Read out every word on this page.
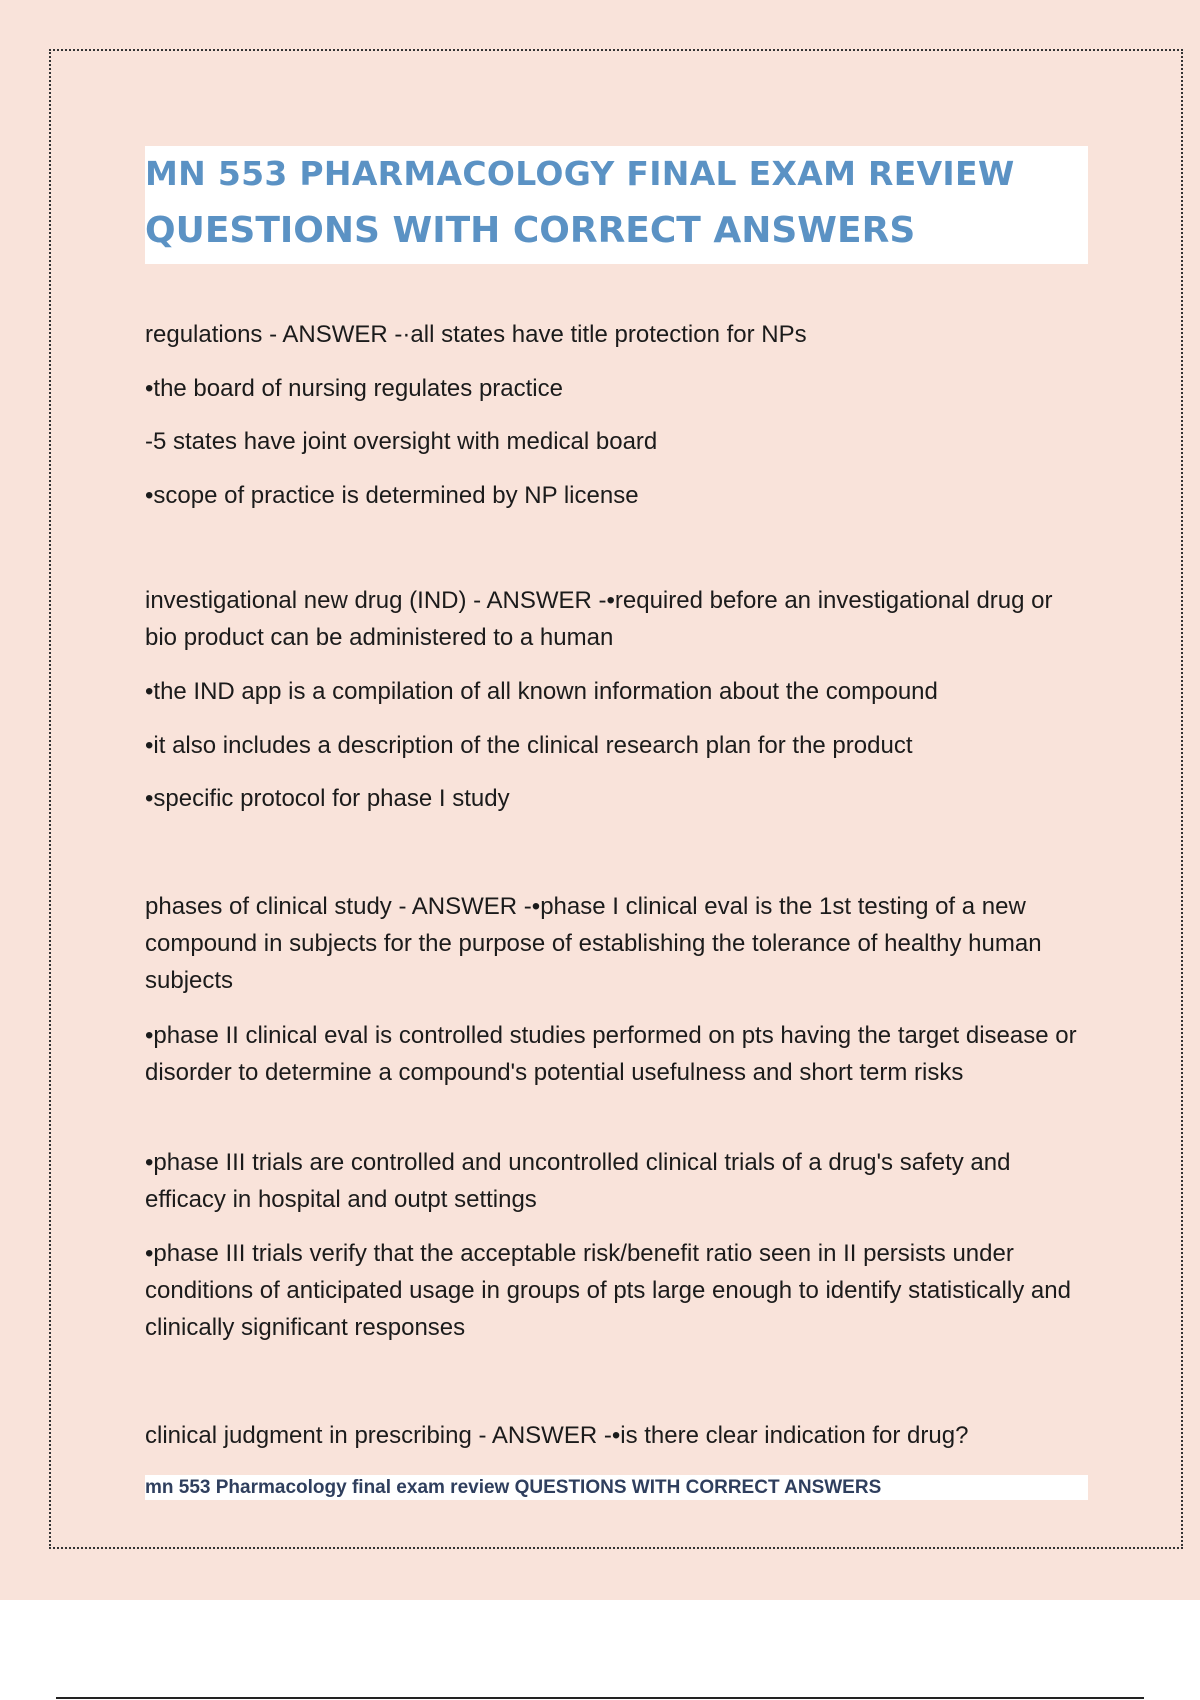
MN 553 PHARMACOLOGY FINAL EXAM REVIEW
QUESTIONS WITH CORRECT ANSWERS
regulations - ANSWER -·all states have title protection for NPs
•the board of nursing regulates practice
-5 states have joint oversight with medical board
•scope of practice is determined by NP license
investigational new drug (IND) - ANSWER -•required before an investigational drug or bio product can be administered to a human
•the IND app is a compilation of all known information about the compound
•it also includes a description of the clinical research plan for the product
•specific protocol for phase I study
phases of clinical study - ANSWER -•phase I clinical eval is the 1st testing of a new compound in subjects for the purpose of establishing the tolerance of healthy human subjects
•phase II clinical eval is controlled studies performed on pts having the target disease or disorder to determine a compound's potential usefulness and short term risks
•phase III trials are controlled and uncontrolled clinical trials of a drug's safety and efficacy in hospital and outpt settings
•phase III trials verify that the acceptable risk/benefit ratio seen in II persists under conditions of anticipated usage in groups of pts large enough to identify statistically and clinically significant responses
clinical judgment in prescribing - ANSWER -•is there clear indication for drug?
mn 553 Pharmacology final exam review QUESTIONS WITH CORRECT ANSWERS
